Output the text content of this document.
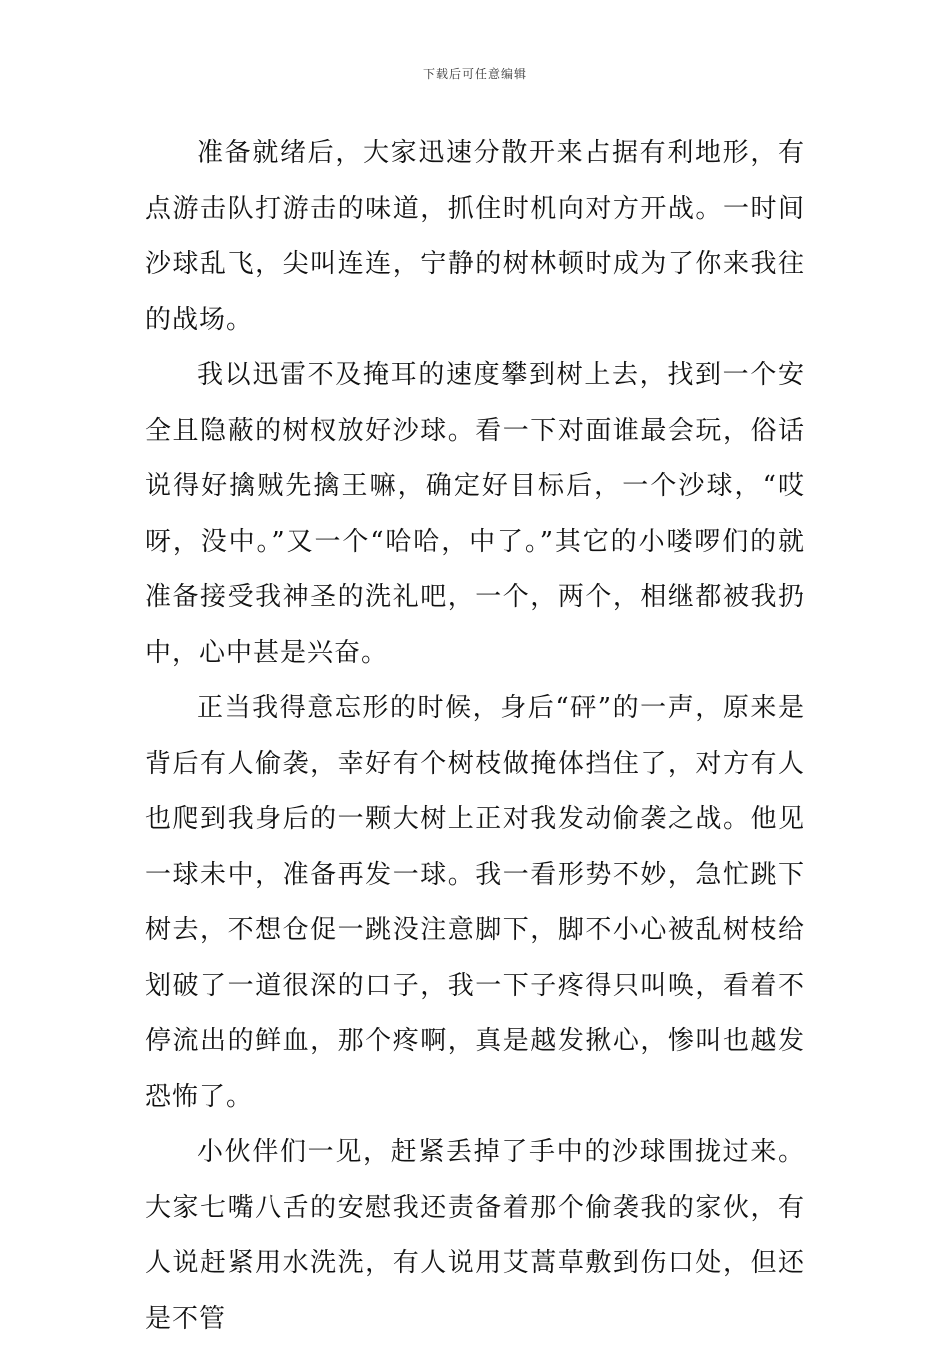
下载后可任意编辑

准备就绪后，大家迅速分散开来占据有利地形，有点游击队打游击的味道，抓住时机向对方开战。一时间沙球乱飞，尖叫连连，宁静的树林顿时成为了你来我往的战场。

我以迅雷不及掩耳的速度攀到树上去，找到一个安全且隐蔽的树杈放好沙球。看一下对面谁最会玩，俗话说得好擒贼先擒王嘛，确定好目标后，一个沙球，“哎呀，没中。”又一个“哈哈，中了。”其它的小喽啰们的就准备接受我神圣的洗礼吧，一个，两个，相继都被我扔中，心中甚是兴奋。

正当我得意忘形的时候，身后“砰”的一声，原来是背后有人偷袭，幸好有个树枝做掩体挡住了，对方有人也爬到我身后的一颗大树上正对我发动偷袭之战。他见一球未中，准备再发一球。我一看形势不妙，急忙跳下树去，不想仓促一跳没注意脚下，脚不小心被乱树枝给划破了一道很深的口子，我一下子疼得只叫唤，看着不停流出的鲜血，那个疼啊，真是越发揪心，惨叫也越发恐怖了。

小伙伴们一见，赶紧丢掉了手中的沙球围拢过来。大家七嘴八舌的安慰我还责备着那个偷袭我的家伙，有人说赶紧用水洗洗，有人说用艾蒿草敷到伤口处，但还是不管
